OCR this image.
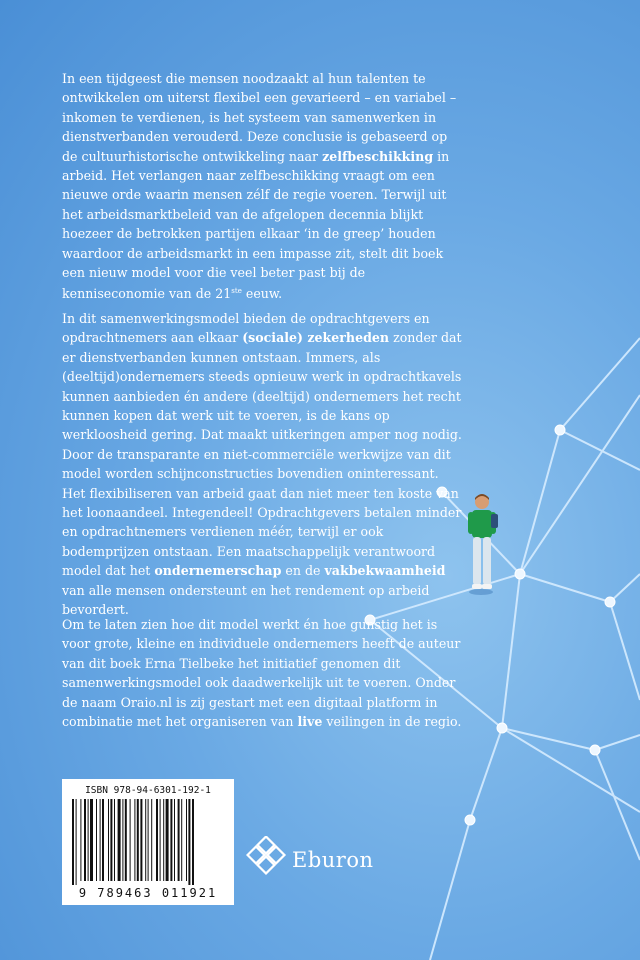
In een tijdgeest die mensen noodzaakt al hun talenten te ontwikkelen om uiterst flexibel een gevarieerd – en variabel – inkomen te verdienen, is het systeem van samenwerken in dienstverbanden verouderd. Deze conclusie is gebaseerd op de cultuurhistorische ontwikkeling naar zelfbeschikking in arbeid. Het verlangen naar zelfbeschikking vraagt om een nieuwe orde waarin mensen zélf de regie voeren. Terwijl uit het arbeidsmarktbeleid van de afgelopen decennia blijkt hoezeer de betrokken partijen elkaar ‘in de greep’ houden waardoor de arbeidsmarkt in een impasse zit, stelt dit boek een nieuw model voor die veel beter past bij de kenniseconomie van de 21ste eeuw.

In dit samenwerkingsmodel bieden de opdrachtgevers en opdrachtnemers aan elkaar (sociale) zekerheden zonder dat er dienstverbanden kunnen ontstaan. Immers, als (deeltijd)ondernemers steeds opnieuw werk in opdrachtkavels kunnen aanbieden én andere (deeltijd) ondernemers het recht kunnen kopen dat werk uit te voeren, is de kans op werkloosheid gering. Dat maakt uitkeringen amper nog nodig. Door de transparante en niet-commerciële werkwijze van dit model worden schijnconstructies bovendien oninteressant. Het flexibiliseren van arbeid gaat dan niet meer ten koste van het loonaandeel. Integendeel! Opdrachtgevers betalen minder en opdrachtnemers verdienen méér, terwijl er ook bodemprijzen ontstaan. Een maatschappelijk verantwoord model dat het ondernemerschap en de vakbekwaamheid van alle mensen ondersteunt en het rendement op arbeid bevordert.

Om te laten zien hoe dit model werkt én hoe gunstig het is voor grote, kleine en individuele ondernemers heeft de auteur van dit boek Erna Tielbeke het initiatief genomen dit samenwerkingsmodel ook daadwerkelijk uit te voeren. Onder de naam Oraio.nl is zij gestart met een digitaal platform in combinatie met het organiseren van live veilingen in de regio.

ISBN 978-94-6301-192-1
9 789463 011921
Eburon
